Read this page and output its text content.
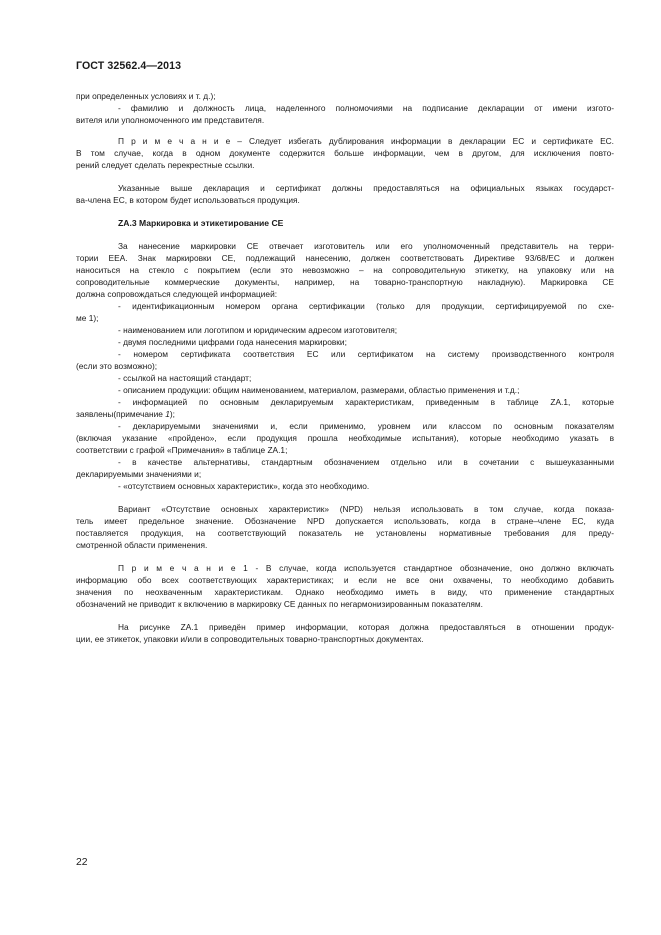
ГОСТ 32562.4—2013
при определенных условиях и т. д.);
- фамилию и должность лица, наделенного полномочиями на подписание декларации от имени изгото-
вителя или уполномоченного им представителя.
П р и м е ч а н и е – Следует избегать дублирования информации в декларации ЕС и сертификате ЕС.
В том случае, когда в одном документе содержится больше информации, чем в другом, для исключения повто-
рений следует сделать перекрестные ссылки.
Указанные выше декларация и сертификат должны предоставляться на официальных языках государст-
ва-члена ЕС, в котором будет использоваться продукция.
ZA.3 Маркировка и этикетирование СЕ
За нанесение маркировки СЕ отвечает изготовитель или его уполномоченный представитель на терри-
тории ЕЕА. Знак маркировки СЕ, подлежащий нанесению, должен соответствовать Директиве 93/68/ЕС и должен
наноситься на стекло с покрытием (если это невозможно – на сопроводительную этикетку, на упаковку или на
сопроводительные коммерческие документы, например, на товарно-транспортную накладную). Маркировка СЕ
должна сопровождаться следующей информацией:
- идентификационным номером органа сертификации (только для продукции, сертифицируемой по схе-
ме 1);
- наименованием или логотипом и юридическим адресом изготовителя;
- двумя последними цифрами года нанесения маркировки;
- номером сертификата соответствия ЕС или сертификатом на систему производственного контроля
(если это возможно);
- ссылкой на настоящий стандарт;
- описанием продукции: общим наименованием, материалом, размерами, областью применения и т.д.;
- информацией по основным декларируемым характеристикам, приведенным в таблице ZA.1, которые
заявлены(примечание 1);
- декларируемыми значениями и, если применимо, уровнем или классом по основным показателям
(включая указание «пройдено», если продукция прошла необходимые испытания), которые необходимо указать в
соответствии с графой «Примечания» в таблице ZA.1;
- в качестве альтернативы, стандартным обозначением отдельно или в сочетании с вышеуказанными
декларируемыми значениями и;
- «отсутствием основных характеристик», когда это необходимо.
Вариант «Отсутствие основных характеристик» (NPD) нельзя использовать в том случае, когда показа-
тель имеет предельное значение. Обозначение NPD допускается использовать, когда в стране–члене ЕС, куда
поставляется продукция, на соответствующий показатель не установлены нормативные требования для преду-
смотренной области применения.
П р и м е ч а н и е 1 - В случае, когда используется стандартное обозначение, оно должно включать
информацию обо всех соответствующих характеристиках; и если не все они охвачены, то необходимо добавить
значения по неохваченным характеристикам. Однако необходимо иметь в виду, что применение стандартных
обозначений не приводит к включению в маркировку СЕ данных по негармонизированным показателям.
На рисунке ZA.1 приведён пример информации, которая должна предоставляться в отношении продук-
ции, ее этикеток, упаковки и/или в сопроводительных товарно-транспортных документах.
22
